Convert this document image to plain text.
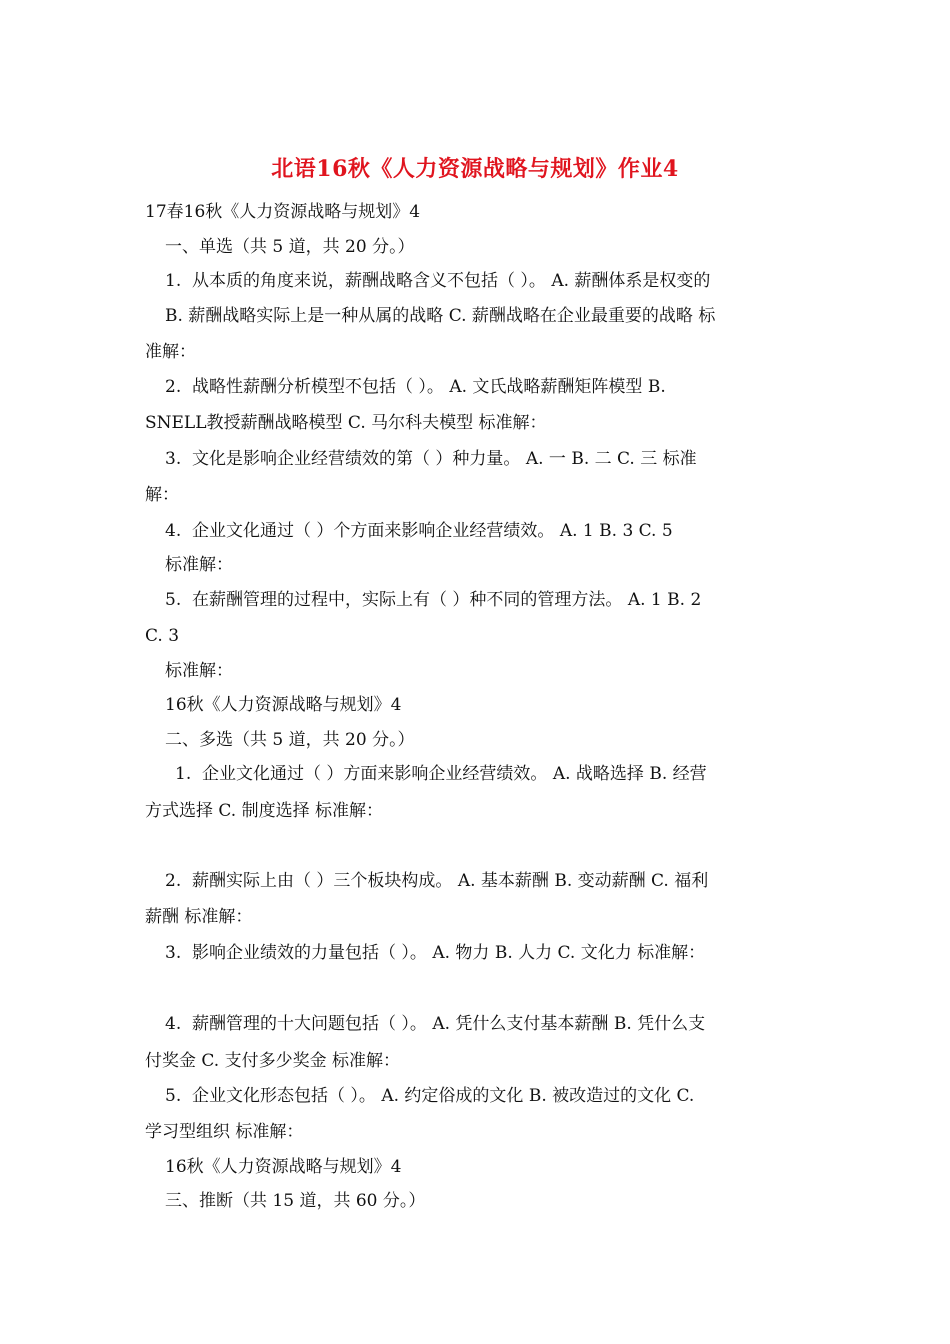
北语16秋《人力资源战略与规划》作业4
17春16秋《人力资源战略与规划》4
一、单选（共 5 道，共 20 分。）
1.  从本质的角度来说，薪酬战略含义不包括（ ）。 A. 薪酬体系是权变的
B. 薪酬战略实际上是一种从属的战略 C. 薪酬战略在企业最重要的战略 标
准解：
2.  战略性薪酬分析模型不包括（ ）。 A. 文氏战略薪酬矩阵模型 B.
SNELL教授薪酬战略模型 C. 马尔科夫模型 标准解：
3.  文化是影响企业经营绩效的第（ ）种力量。 A. 一 B. 二 C. 三 标准
解：
4.  企业文化通过（ ）个方面来影响企业经营绩效。 A. 1 B. 3 C. 5
标准解：
5.  在薪酬管理的过程中，实际上有（ ）种不同的管理方法。 A. 1 B. 2
C. 3
标准解：
16秋《人力资源战略与规划》4
二、多选（共 5 道，共 20 分。）
1.  企业文化通过（ ）方面来影响企业经营绩效。 A. 战略选择 B. 经营
方式选择 C. 制度选择 标准解：
2.  薪酬实际上由（ ）三个板块构成。 A. 基本薪酬 B. 变动薪酬 C. 福利
薪酬 标准解：
3.  影响企业绩效的力量包括（ ）。 A. 物力 B. 人力 C. 文化力 标准解：
4.  薪酬管理的十大问题包括（ ）。 A. 凭什么支付基本薪酬 B. 凭什么支
付奖金 C. 支付多少奖金 标准解：
5.  企业文化形态包括（ ）。 A. 约定俗成的文化 B. 被改造过的文化 C.
学习型组织 标准解：
16秋《人力资源战略与规划》4
三、推断（共 15 道，共 60 分。）
